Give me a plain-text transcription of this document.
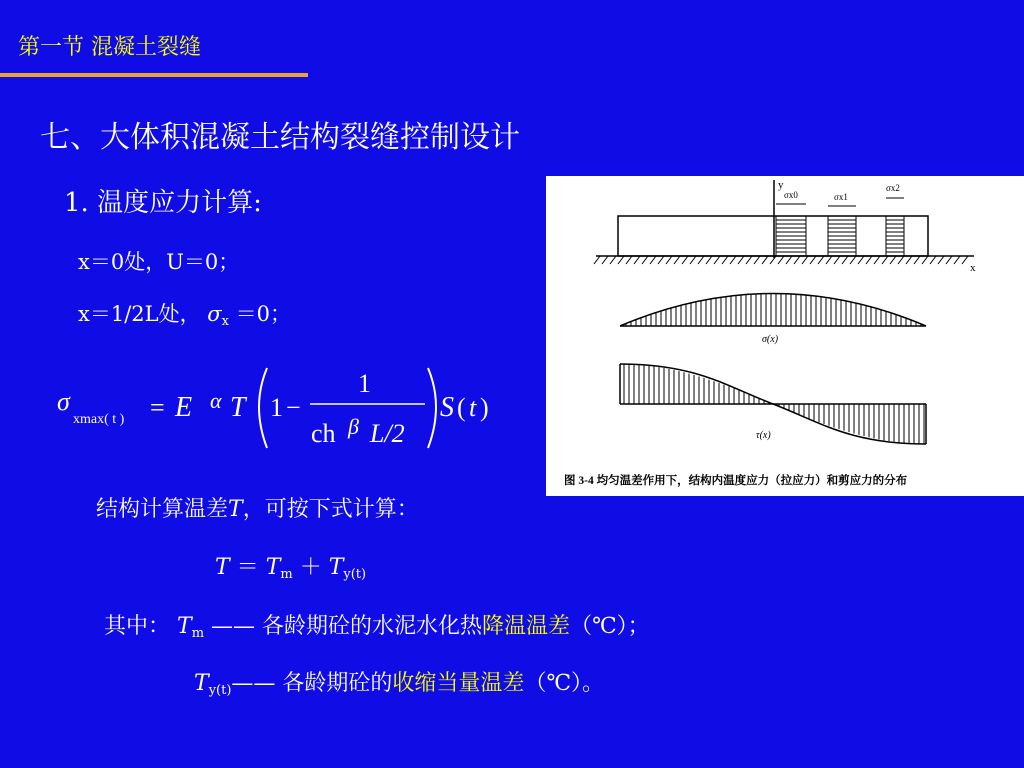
第一节 混凝土裂缝
七、大体积混凝土结构裂缝控制设计
1. 温度应力计算:
x＝0处，U＝0；
x＝1/2L处， $\sigma_x =0$；
σ
xmax( t ) = E α T 1 −
1
ch β L/2
S ( t )
结构计算温差T，可按下式计算：
$T = T_m + T_{y(t)}$
其中： $T_m$ —— 各龄期砼的水泥水化热降温温差（℃）；
$T_{y(t)}——$ 各龄期砼的收缩当量温差（℃）。
y
σx0	σx1
σx2
x
σ(x)
τ(x)
图 3-4 均匀温差作用下，结构内温度应力（拉应力）和剪应力的分布
